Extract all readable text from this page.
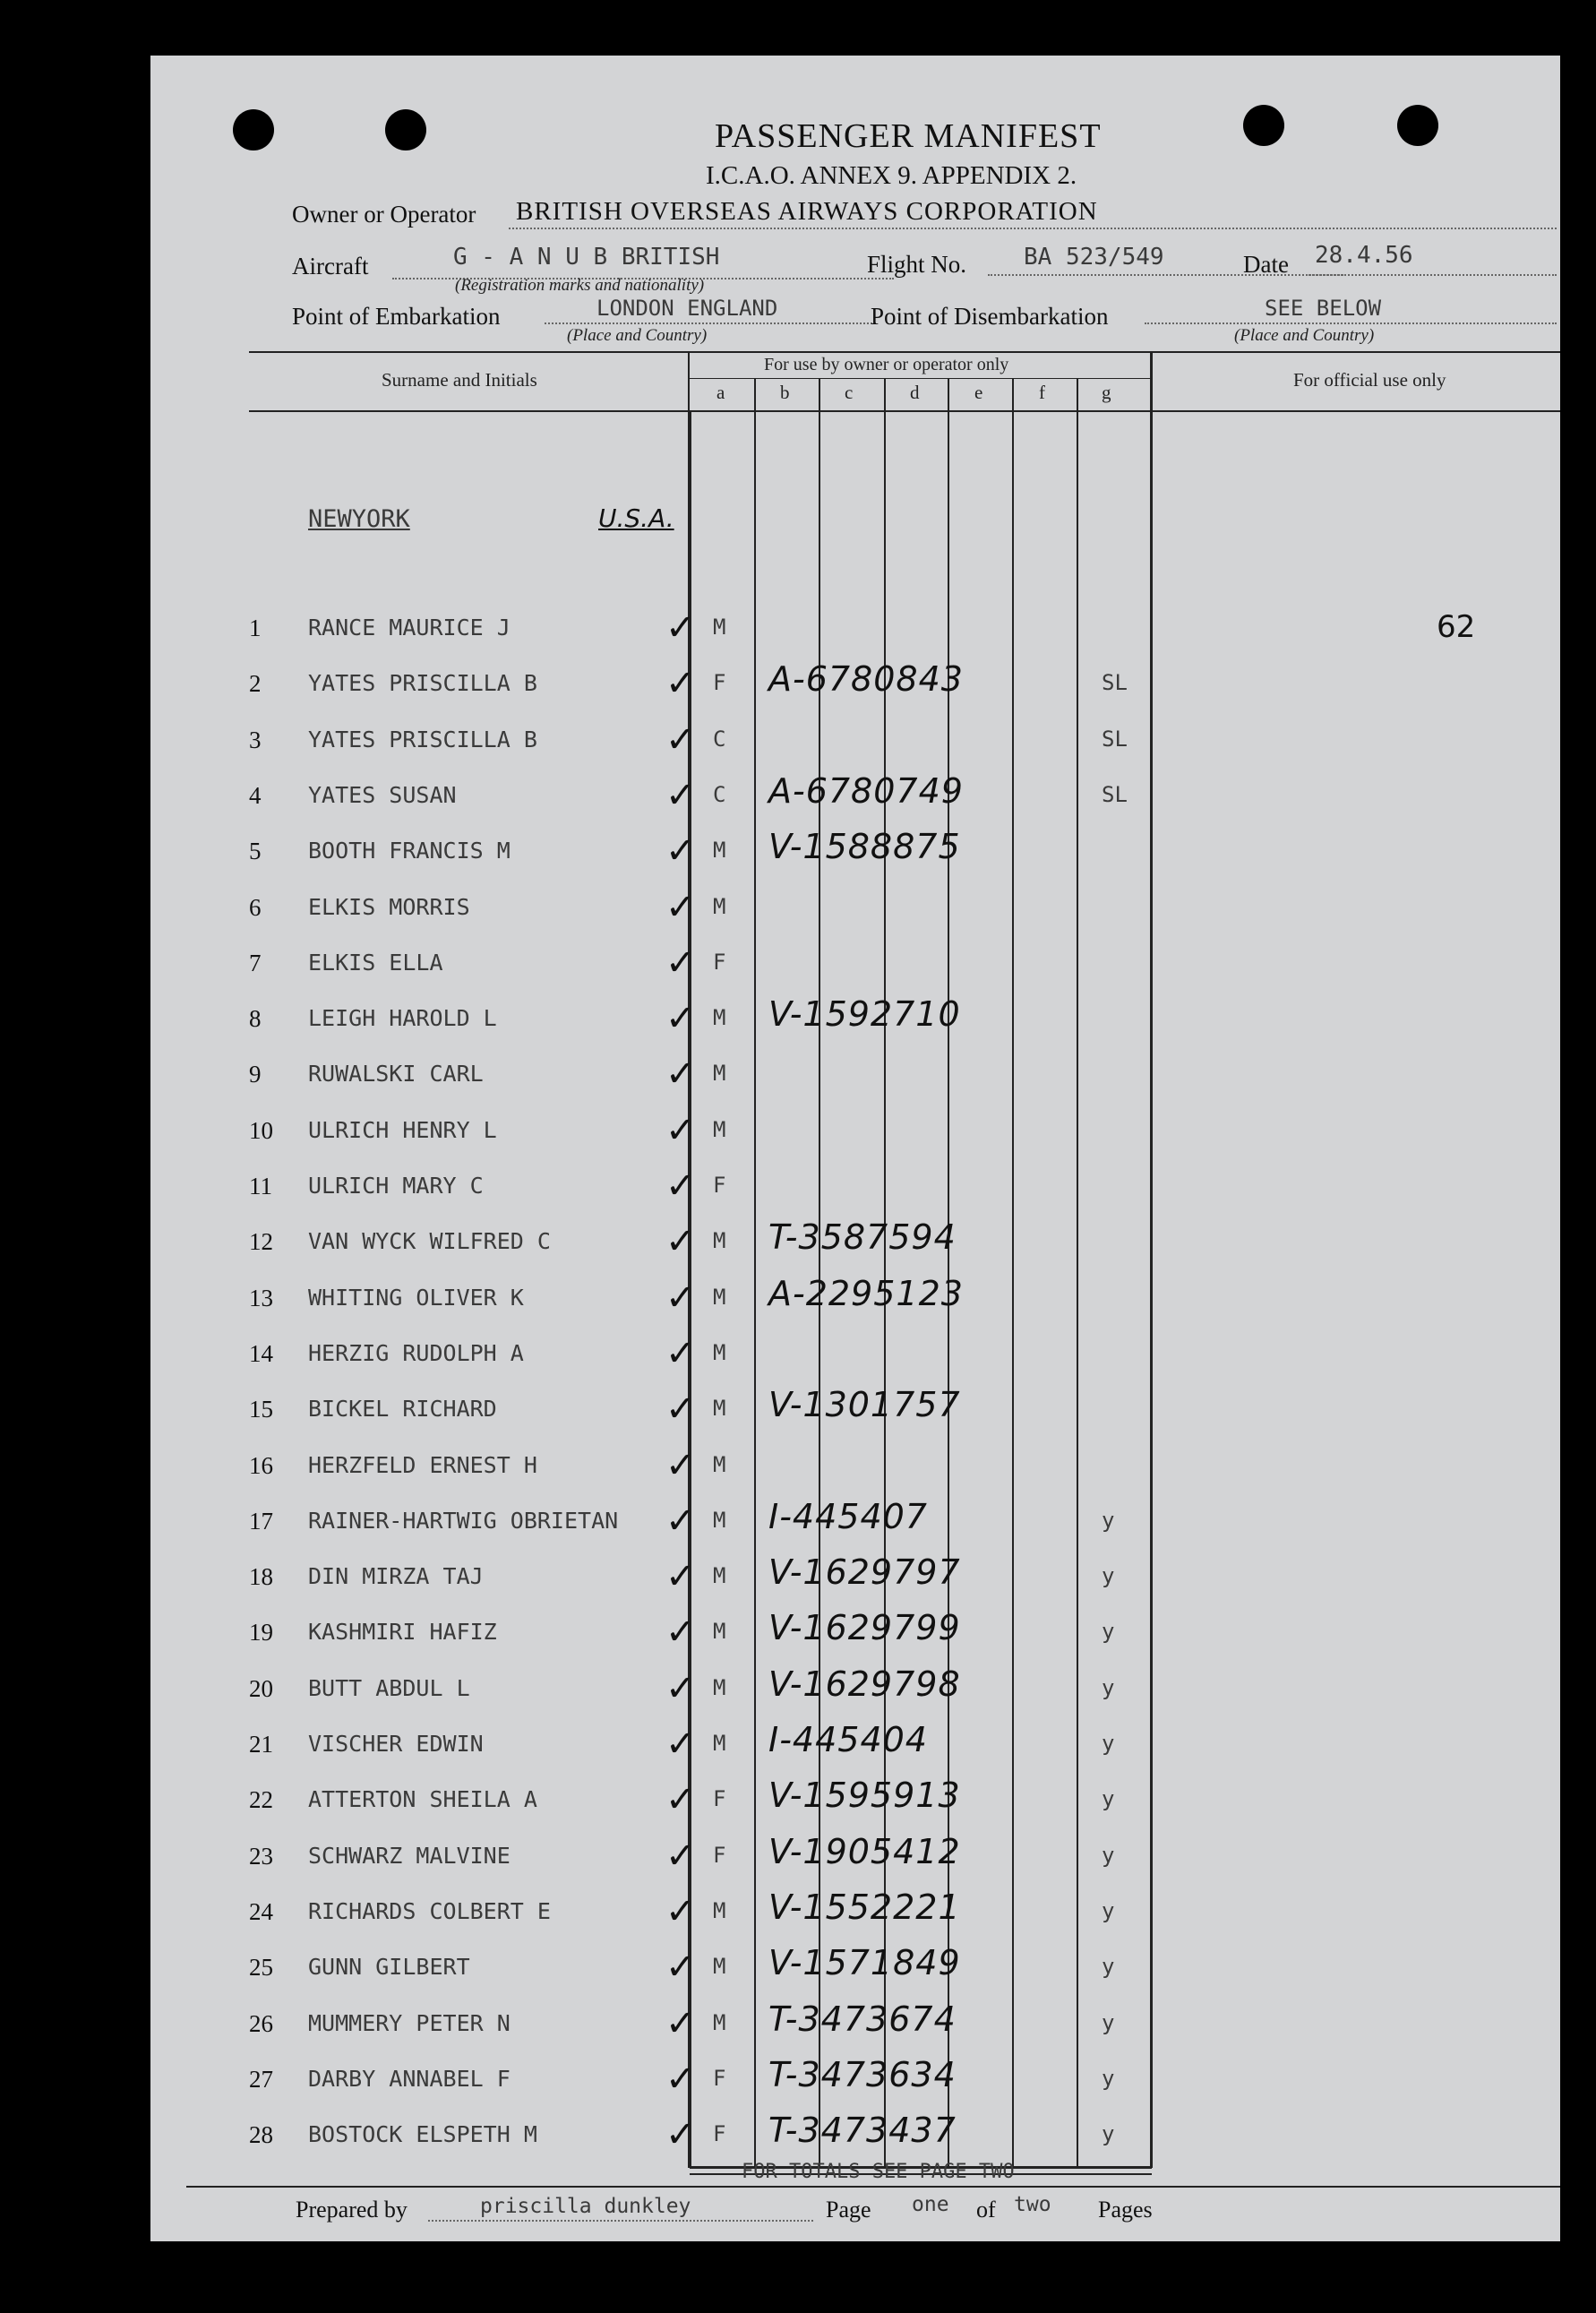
PASSENGER MANIFEST
I.C.A.O. ANNEX 9. APPENDIX 2.
Owner or Operator BRITISH OVERSEAS AIRWAYS CORPORATION
Aircraft	G - A N U B BRITISH
(Registration marks and nationality)
Flight No. BA 523/549	Date 28.4.56
Point of Embarkation	LONDON ENGLAND
(Place and Country)
Point of Disembarkation	SEE BELOW
(Place and Country)
Surname and Initials
For use by owner or operator only
For official use only
a	b	c	d	e	f	g
NEWYORK	U.S.A.
62
1 RANCE MAURICE J	M
✓
2 YATES PRISCILLA B	F A-6780843	SL
✓
3 YATES PRISCILLA B	C	SL
✓
4 YATES SUSAN	C A-6780749	SL
✓
5 BOOTH FRANCIS M	M V-1588875
✓
6 ELKIS MORRIS	M
✓
7 ELKIS ELLA	F
✓
8 LEIGH HAROLD L	M V-1592710
✓
9 RUWALSKI CARL	M
✓
10 ULRICH HENRY L	M
✓
11 ULRICH MARY C	F
✓
12 VAN WYCK WILFRED C	M T-3587594
✓
13 WHITING OLIVER K	M A-2295123
✓
14 HERZIG RUDOLPH A	M
✓
15 BICKEL RICHARD	M V-1301757
✓
16 HERZFELD ERNEST H	M
✓
17 RAINER-HARTWIG OBRIETAN	M I-445407	y
✓
18 DIN MIRZA TAJ	M V-1629797	y
✓
19 KASHMIRI HAFIZ	M V-1629799	y
✓
20 BUTT ABDUL L	M V-1629798	y
✓
21 VISCHER EDWIN	M I-445404	y
✓
22 ATTERTON SHEILA A	F V-1595913	y
✓
23 SCHWARZ MALVINE	F V-1905412	y
✓
24 RICHARDS COLBERT E	M V-1552221	y
✓
25 GUNN GILBERT	M V-1571849	y
✓
26 MUMMERY PETER N	M T-3473674	y
✓
27 DARBY ANNABEL F	F T-3473634	y
✓
28 BOSTOCK ELSPETH M	F T-3473437	y
✓
FOR TOTALS SEE PAGE TWO
Prepared by	priscilla dunkley	Page one of two Pages
